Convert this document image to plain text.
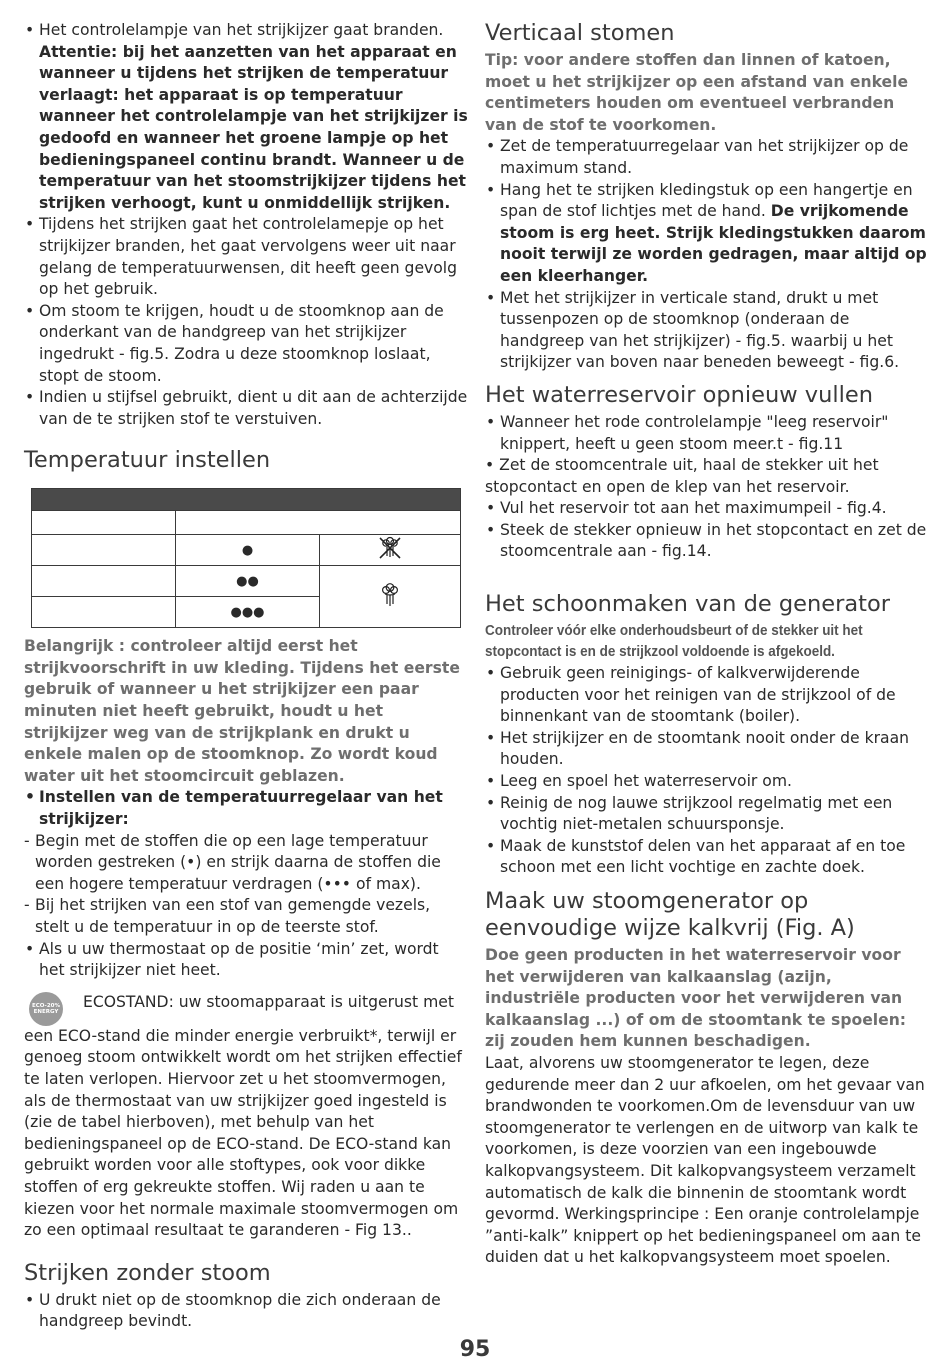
• Het controlelampje van het strijkijzer gaat branden. Attentie: bij het aanzetten van het apparaat en wanneer u tijdens het strijken de temperatuur verlaagt: het apparaat is op temperatuur wanneer het controlelampje van het strijkijzer is gedoofd en wanneer het groene lampje op het bedieningspaneel continu brandt. Wanneer u de temperatuur van het stoomstrijkijzer tijdens het strijken verhoogt, kunt u onmiddellijk strijken.
• Tijdens het strijken gaat het controlelamepje op het strijkijzer branden, het gaat vervolgens weer uit naar gelang de temperatuurwensen, dit heeft geen gevolg op het gebruik.
• Om stoom te krijgen, houdt u de stoomknop aan de onderkant van de handgreep van het strijkijzer ingedrukt - fig.5. Zodra u deze stoomknop loslaat, stopt de stoom.
• Indien u stijfsel gebruikt, dient u dit aan de achterzijde van de te strijken stof te verstuiven.
Temperatuur instellen

	●	
	●●	
	●●●	
Belangrijk : controleer altijd eerst het strijkvoorschrift in uw kleding. Tijdens het eerste gebruik of wanneer u het strijkijzer een paar minuten niet heeft gebruikt, houdt u het strijkijzer weg van de strijkplank en drukt u enkele malen op de stoomknop. Zo wordt koud water uit het stoomcircuit geblazen.
• Instellen van de temperatuurregelaar van het strijkijzer:
- Begin met de stoffen die op een lage temperatuur worden gestreken (•) en strijk daarna de stoffen die een hogere temperatuur verdragen (••• of max).
- Bij het strijken van een stof van gemengde vezels, stelt u de temperatuur in op de teerste stof.
• Als u uw thermostaat op de positie ‘min’ zet, wordt het strijkijzer niet heet.
ECO-20% ENERGYECOSTAND: uw stoomapparaat is uitgerust met een ECO-stand die minder energie verbruikt*, terwijl er genoeg stoom ontwikkelt wordt om het strijken effectief te laten verlopen. Hiervoor zet u het stoomvermogen, als de thermostaat van uw strijkijzer goed ingesteld is (zie de tabel hierboven), met behulp van het bedieningspaneel op de ECO-stand. De ECO-stand kan gebruikt worden voor alle stoftypes, ook voor dikke stoffen of erg gekreukte stoffen. Wij raden u aan te kiezen voor het normale maximale stoomvermogen om zo een optimaal resultaat te garanderen - Fig 13..
Strijken zonder stoom
• U drukt niet op de stoomknop die zich onderaan de handgreep bevindt.
Verticaal stomen
Tip: voor andere stoffen dan linnen of katoen, moet u het strijkijzer op een afstand van enkele centimeters houden om eventueel verbranden van de stof te voorkomen.
• Zet de temperatuurregelaar van het strijkijzer op de maximum stand.
• Hang het te strijken kledingstuk op een hangertje en span de stof lichtjes met de hand. De vrijkomende stoom is erg heet. Strijk kledingstukken daarom nooit terwijl ze worden gedragen, maar altijd op een kleerhanger.
• Met het strijkijzer in verticale stand, drukt u met tussenpozen op de stoomknop (onderaan de handgreep van het strijkijzer) - fig.5. waarbij u het strijkijzer van boven naar beneden beweegt - fig.6.
Het waterreservoir opnieuw vullen
• Wanneer het rode controlelampje "leeg reservoir" knippert, heeft u geen stoom meer.t - fig.11
• Zet de stoomcentrale uit, haal de stekker uit het stopcontact en open de klep van het reservoir.
• Vul het reservoir tot aan het maximumpeil - fig.4.
• Steek de stekker opnieuw in het stopcontact en zet de stoomcentrale aan - fig.14.
Het schoonmaken van de generator
Controleer vóór elke onderhoudsbeurt of de stekker uit het stopcontact is en de strijkzool voldoende is afgekoeld.
• Gebruik geen reinigings- of kalkverwijderende producten voor het reinigen van de strijkzool of de binnenkant van de stoomtank (boiler).
• Het strijkijzer en de stoomtank nooit onder de kraan houden.
• Leeg en spoel het waterreservoir om.
• Reinig de nog lauwe strijkzool regelmatig met een vochtig niet-metalen schuursponsje.
• Maak de kunststof delen van het apparaat af en toe schoon met een licht vochtige en zachte doek.
Maak uw stoomgenerator op eenvoudige wijze kalkvrij (Fig. A)
Doe geen producten in het waterreservoir voor het verwijderen van kalkaanslag (azijn, industriële producten voor het verwijderen van kalkaanslag ...) of om de stoomtank te spoelen: zij zouden hem kunnen beschadigen.
Laat, alvorens uw stoomgenerator te legen, deze gedurende meer dan 2 uur afkoelen, om het gevaar van brandwonden te voorkomen.Om de levensduur van uw stoomgenerator te verlengen en de uitworp van kalk te voorkomen, is deze voorzien van een ingebouwde kalkopvangsysteem. Dit kalkopvangsysteem verzamelt automatisch de kalk die binnenin de stoomtank wordt gevormd. Werkingsprincipe : Een oranje controlelampje ”anti-kalk” knippert op het bedieningspaneel om aan te duiden dat u het kalkopvangsysteem moet spoelen.
95
